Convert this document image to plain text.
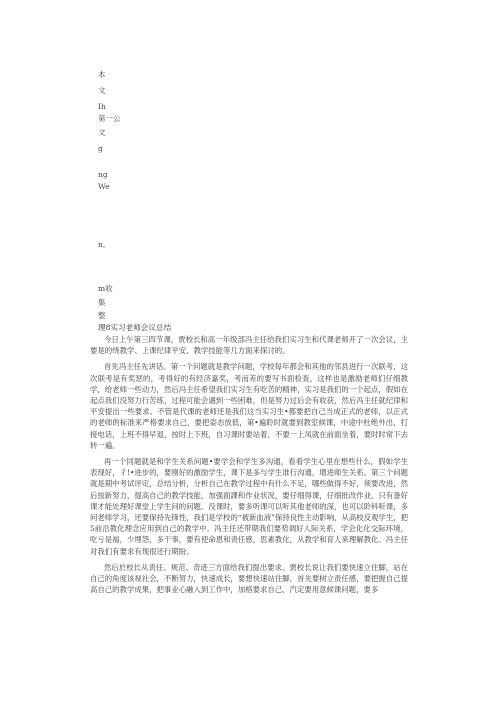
本
文
Ih
第一公
文
g
ng
We
n。
m收
集
整
理8实习老师会议总结

今日上午第三四节课，贾校长和高一年级部冯主任给我们实习生和代课老师开了一次会议，主要是的绕教学、上课纪律平安、教学技能等几方面来探讨的。

首先冯主任先讲话。第一个问题就是教学问题，学校每年都会和其他的邻县进行一次联考，这次联考是有奖惩的，考得好的有经济嘉奖，考而差的要写书面检查，这样也是激励老师们仔细教学，给老师一些动力，然后冯主任希望我们实习生有吃苦的精神，实习是我们的一个起点，假如在起点我们没努力行苦练，过程可能会遇到一些困难，但是努力过后会有收获，然后冯主任就纪律和平安提出一些要求。不管是代课的老师还是我们这当实习生•都要把自己当成正式的老师，以正式的老师的标准来严格要求自己，要把姿态放低，第•遍聆时就要到教室候课，中途中杜绝外出，打接电话，上班不得早退，按时上下班，自习课时要站着，不要一上凤就在前面坐着，要时时常下去转一遍。

再一个同题就是和学生关系问题•要学会和学生多沟通，看看学生心里在想些什么，假如学生表现好，彳!•进步的，要刚好的激励学生，课下是多与学生谁行沟通，增进师生关系。第三个问题就是期中考试评定，总结分析，分析自己在教学过程中有什么不足，哪些做得不好，须要改进，然后按新努力，提高自己的教学技能，加强面課和作业状况，要仔细得课，仔细批改作业。只有备好课才能处理好课堂上学生问的问题。没课时，要多听课可以听其他老师的深，也可以聆科听课，多问老师学习，还要保持先锋性，我们是学校的“被新血液”保持良性主动影响，从高校反观学生，把5前沿教化理念应用到自己的教学中。冯主任还带期我们要势调好人际关系，学会化化交际环境，吃亏是福，少埋怨，多干事，要有使命恩和责任感，思素教化，从教学和育人来理解教化。冯主任对我们有要求有现很还行期盼。

然后於校长从责任、规范、奇迹三方面给我们提出要求。贾校长说让我们要快速立住脚，站在自己的角度该视社会，不断努力，快速成长，要想快速站住脚，首先要树立责任感，要把握自己提高自己的教学成果，把事业心融入到工作中，加格要求自己，汽定要用意候课问题，要多
